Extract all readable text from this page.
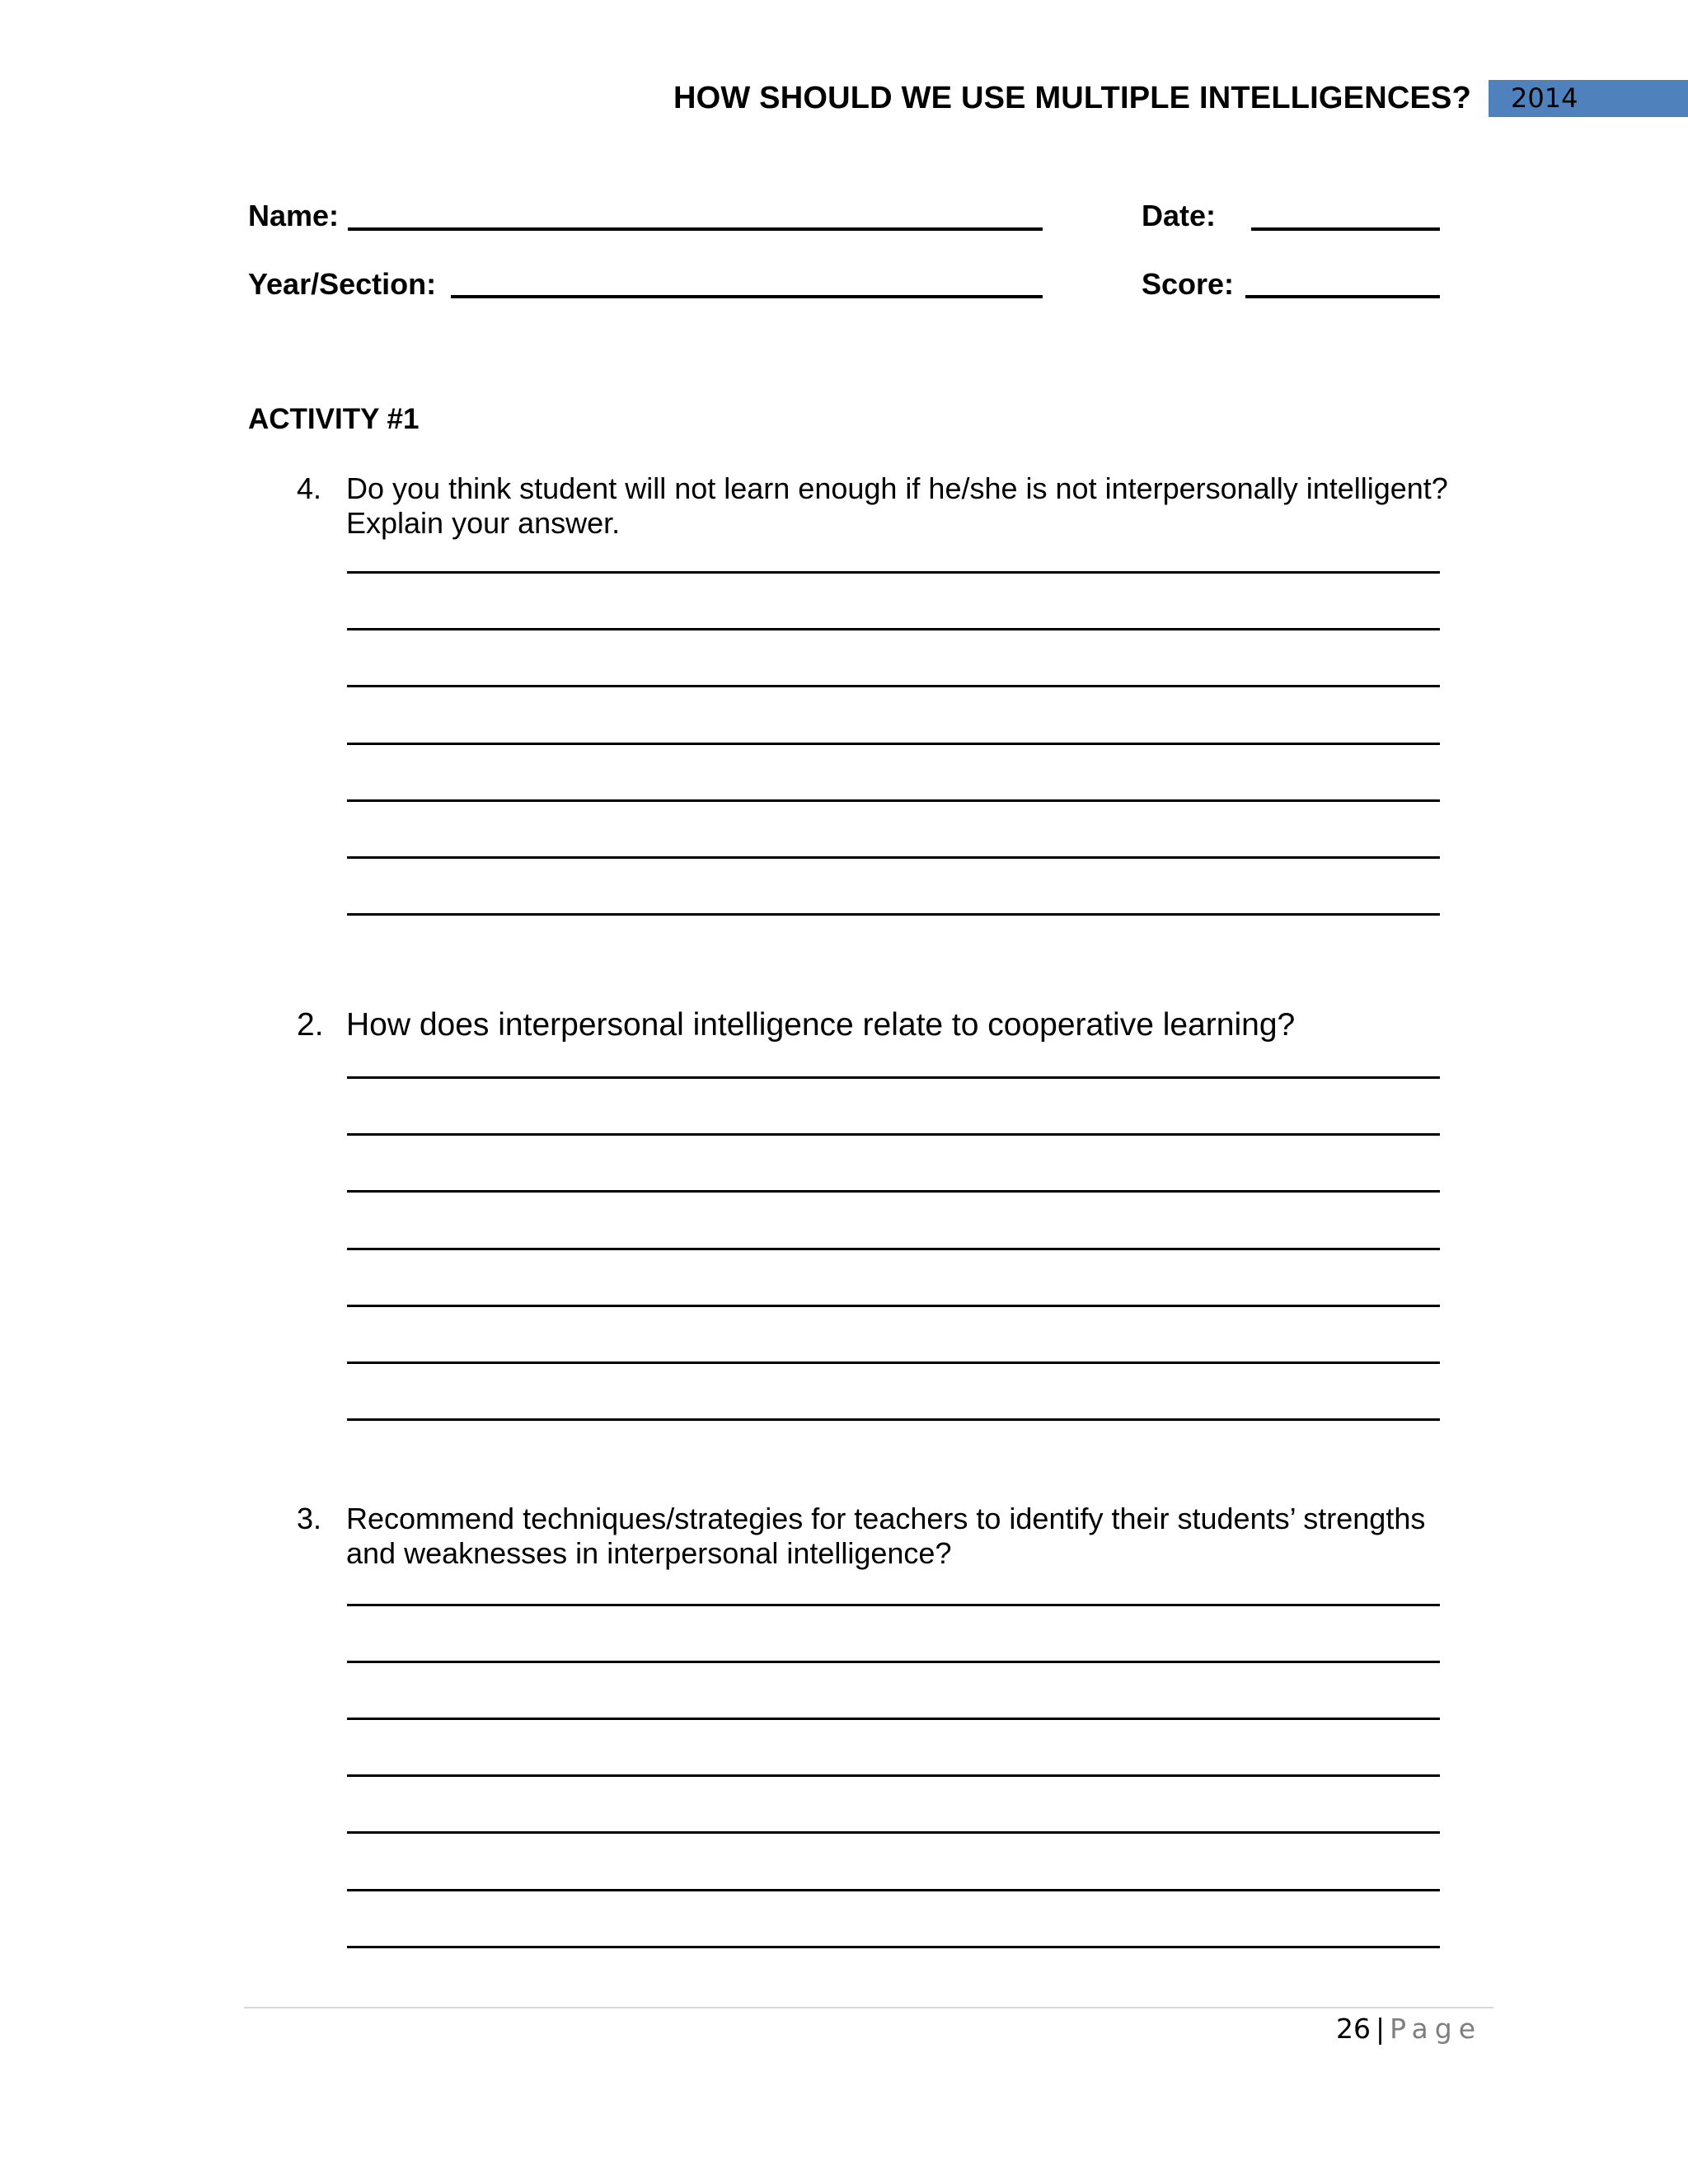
HOW SHOULD WE USE MULTIPLE INTELLIGENCES?	2014
Name:	Date:
Year/Section:	Score:
ACTIVITY #1
4. Do you think student will not learn enough if he/she is not interpersonally intelligent?
Explain your answer.
2. How does interpersonal intelligence relate to cooperative learning?
3. Recommend techniques/strategies for teachers to identify their students’ strengths
and weaknesses in interpersonal intelligence?
26 | Page
